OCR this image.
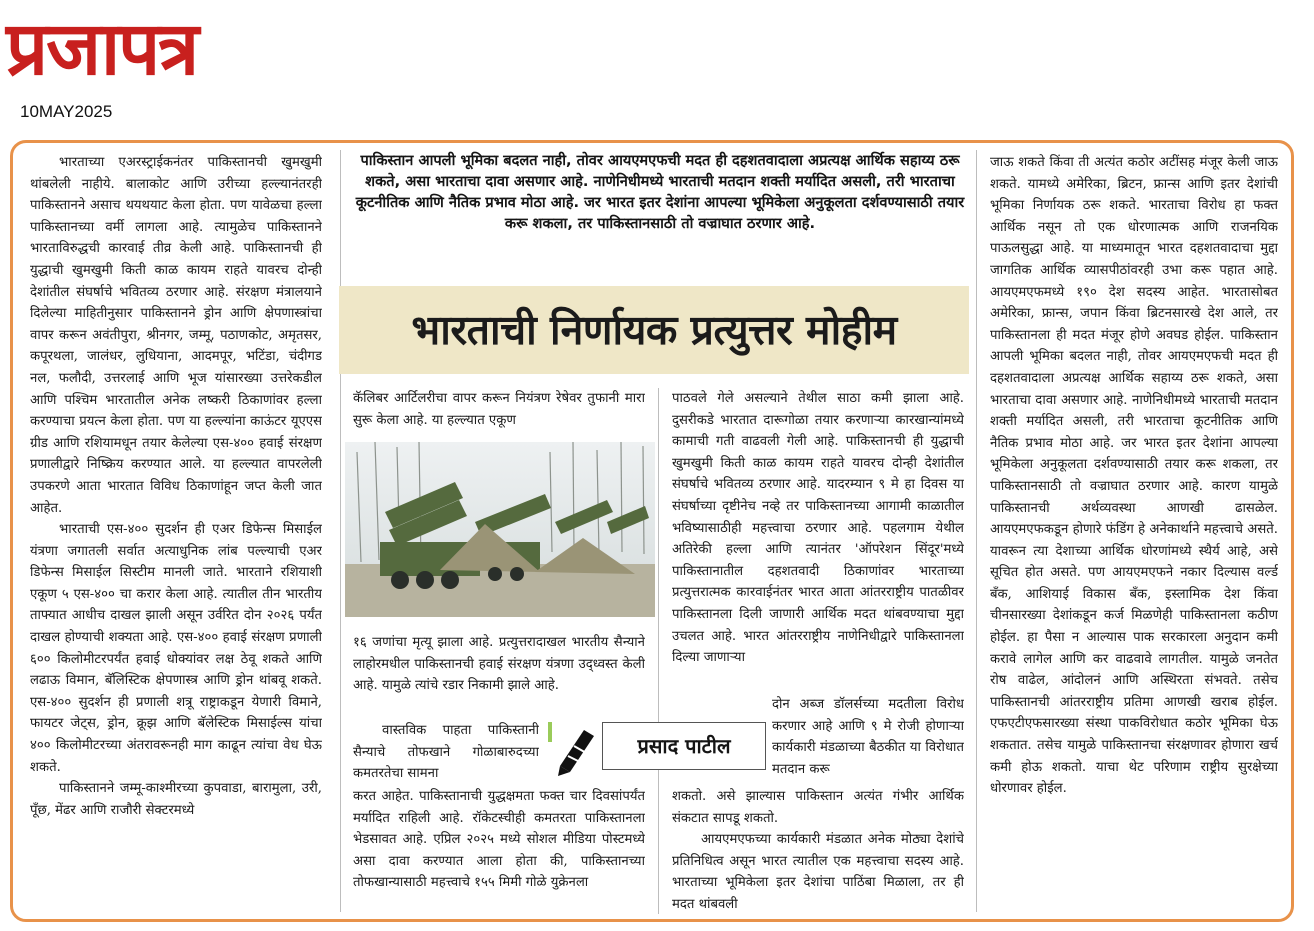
प्रजापत्र
10MAY2025

भारताच्या एअरस्ट्राईकनंतर पाकिस्तानची खुमखुमी थांबलेली नाहीये. बालाकोट आणि उरीच्या हल्ल्यानंतरही पाकिस्तानने असाच थयथयाट केला होता. पण यावेळचा हल्ला पाकिस्तानच्या वर्मी लागला आहे. त्यामुळेच पाकिस्तानने भारताविरुद्धची कारवाई तीव्र केली आहे. पाकिस्तानची ही युद्धाची खुमखुमी किती काळ कायम राहते यावरच दोन्ही देशांतील संघर्षाचे भवितव्य ठरणार आहे. संरक्षण मंत्रालयाने दिलेल्या माहितीनुसार पाकिस्तानने ड्रोन आणि क्षेपणास्त्रांचा वापर करून अवंतीपुरा, श्रीनगर, जम्मू, पठाणकोट, अमृतसर, कपूरथला, जालंधर, लुधियाना, आदमपूर, भटिंडा, चंदीगड नल, फलौदी, उत्तरलाई आणि भूज यांसारख्या उत्तरेकडील आणि पश्चिम भारतातील अनेक लष्करी ठिकाणांवर हल्ला करण्याचा प्रयत्न केला होता. पण या हल्ल्यांना काऊंटर यूएएस ग्रीड आणि रशियामधून तयार केलेल्या एस-४०० हवाई संरक्षण प्रणालीद्वारे निष्क्रिय करण्यात आले. या हल्ल्यात वापरलेली उपकरणे आता भारतात विविध ठिकाणांहून जप्त केली जात आहेत.

भारताची एस-४०० सुदर्शन ही एअर डिफेन्स मिसाईल यंत्रणा जगातली सर्वात अत्याधुनिक लांब पल्ल्याची एअर डिफेन्स मिसाईल सिस्टीम मानली जाते. भारताने रशियाशी एकूण ५ एस-४०० चा करार केला आहे. त्यातील तीन भारतीय ताफ्यात आधीच दाखल झाली असून उर्वरित दोन २०२६ पर्यंत दाखल होण्याची शक्यता आहे. एस-४०० हवाई संरक्षण प्रणाली ६०० किलोमीटरपर्यंत हवाई धोक्यांवर लक्ष ठेवू शकते आणि लढाऊ विमान, बॅलिस्टिक क्षेपणास्त्र आणि ड्रोन थांबवू शकते. एस-४०० सुदर्शन ही प्रणाली शत्रू राष्ट्राकडून येणारी विमाने, फायटर जेट्स, ड्रोन, क्रूझ आणि बॅलेस्टिक मिसाईल्स यांचा ४०० किलोमीटरच्या अंतरावरूनही माग काढून त्यांचा वेध घेऊ शकते.

पाकिस्तानने जम्मू-काश्मीरच्या कुपवाडा, बारामुला, उरी, पूँछ, मेंढर आणि राजौरी सेक्टरमध्ये

पाकिस्तान आपली भूमिका बदलत नाही, तोवर आयएमएफची मदत ही दहशतवादाला अप्रत्यक्ष आर्थिक सहाय्य ठरू शकते, असा भारताचा दावा असणार आहे. नाणेनिधीमध्ये भारताची मतदान शक्ती मर्यादित असली, तरी भारताचा कूटनीतिक आणि नैतिक प्रभाव मोठा आहे. जर भारत इतर देशांना आपल्या भूमिकेला अनुकूलता दर्शवण्यासाठी तयार करू शकला, तर पाकिस्तानसाठी तो वज्राघात ठरणार आहे.
भारताची निर्णायक प्रत्युत्तर मोहीम

कॅलिबर आर्टिलरीचा वापर करून नियंत्रण रेषेवर तुफानी मारा सुरू केला आहे. या हल्ल्यात एकूण

१६ जणांचा मृत्यू झाला आहे. प्रत्युत्तरादाखल भारतीय सैन्याने लाहोरमधील पाकिस्तानची हवाई संरक्षण यंत्रणा उद्ध्वस्त केली आहे. यामुळे त्यांचे रडार निकामी झाले आहे.

वास्तविक पाहता पाकिस्तानी सैन्याचे तोफखाने गोळाबारुदच्या कमतरतेचा सामना

करत आहेत. पाकिस्तानाची युद्धक्षमता फक्त चार दिवसांपर्यंत मर्यादित राहिली आहे. रॉकेटस्चीही कमतरता पाकिस्तानला भेडसावत आहे. एप्रिल २०२५ मध्ये सोशल मीडिया पोस्टमध्ये असा दावा करण्यात आला होता की, पाकिस्तानच्या तोफखान्यासाठी महत्त्वाचे १५५ मिमी गोळे युक्रेनला

पाठवले गेले असल्याने तेथील साठा कमी झाला आहे. दुसरीकडे भारतात दारूगोळा तयार करणार्‍या कारखान्यांमध्ये कामाची गती वाढवली गेली आहे. पाकिस्तानची ही युद्धाची खुमखुमी किती काळ कायम राहते यावरच दोन्ही देशांतील संघर्षाचे भवितव्य ठरणार आहे. यादरम्यान ९ मे हा दिवस या संघर्षाच्या दृष्टीनेच नव्हे तर पाकिस्तानच्या आगामी काळातील भविष्यासाठीही महत्त्वाचा ठरणार आहे. पहलगाम येथील अतिरेकी हल्ला आणि त्यानंतर 'ऑपरेशन सिंदूर'मध्ये पाकिस्तानातील दहशतवादी ठिकाणांवर भारताच्या प्रत्युत्तरात्मक कारवाईनंतर भारत आता आंतरराष्ट्रीय पातळीवर पाकिस्तानला दिली जाणारी आर्थिक मदत थांबवण्याचा मुद्दा उचलत आहे. भारत आंतरराष्ट्रीय नाणेनिधीद्वारे पाकिस्तानला दिल्या जाणार्‍या

दोन अब्ज डॉलर्सच्या मदतीला विरोध करणार आहे आणि ९ मे रोजी होणार्‍या कार्यकारी मंडळाच्या बैठकीत या विरोधात मतदान करू

शकतो. असे झाल्यास पाकिस्तान अत्यंत गंभीर आर्थिक संकटात सापडू शकतो.

आयएमएफच्या कार्यकारी मंडळात अनेक मोठ्या देशांचे प्रतिनिधित्व असून भारत त्यातील एक महत्त्वाचा सदस्य आहे. भारताच्या भूमिकेला इतर देशांचा पाठिंबा मिळाला, तर ही मदत थांबवली

प्रसाद पाटील

जाऊ शकते किंवा ती अत्यंत कठोर अटींसह मंजूर केली जाऊ शकते. यामध्ये अमेरिका, ब्रिटन, फ्रान्स आणि इतर देशांची भूमिका निर्णायक ठरू शकते. भारताचा विरोध हा फक्त आर्थिक नसून तो एक धोरणात्मक आणि राजनयिक पाऊलसुद्धा आहे. या माध्यमातून भारत दहशतवादाचा मुद्दा जागतिक आर्थिक व्यासपीठांवरही उभा करू पहात आहे. आयएमएफमध्ये १९० देश सदस्य आहेत. भारतासोबत अमेरिका, फ्रान्स, जपान किंवा ब्रिटनसारखे देश आले, तर पाकिस्तानला ही मदत मंजूर होणे अवघड होईल. पाकिस्तान आपली भूमिका बदलत नाही, तोवर आयएमएफची मदत ही दहशतवादाला अप्रत्यक्ष आर्थिक सहाय्य ठरू शकते, असा भारताचा दावा असणार आहे. नाणेनिधीमध्ये भारताची मतदान शक्ती मर्यादित असली, तरी भारताचा कूटनीतिक आणि नैतिक प्रभाव मोठा आहे. जर भारत इतर देशांना आपल्या भूमिकेला अनुकूलता दर्शवण्यासाठी तयार करू शकला, तर पाकिस्तानसाठी तो वज्राघात ठरणार आहे. कारण यामुळे पाकिस्तानची अर्थव्यवस्था आणखी ढासळेल. आयएमएफकडून होणारे फंडिंग हे अनेकार्थाने महत्त्वाचे असते. यावरून त्या देशाच्या आर्थिक धोरणांमध्ये स्थैर्य आहे, असे सूचित होत असते. पण आयएमएफने नकार दिल्यास वर्ल्ड बँक, आशियाई विकास बँक, इस्लामिक देश किंवा चीनसारख्या देशांकडून कर्ज मिळणेही पाकिस्तानला कठीण होईल. हा पैसा न आल्यास पाक सरकारला अनुदान कमी करावे लागेल आणि कर वाढवावे लागतील. यामुळे जनतेत रोष वाढेल, आंदोलनं आणि अस्थिरता संभवते. तसेच पाकिस्तानची आंतरराष्ट्रीय प्रतिमा आणखी खराब होईल. एफएटीएफसारख्या संस्था पाकविरोधात कठोर भूमिका घेऊ शकतात. तसेच यामुळे पाकिस्तानचा संरक्षणावर होणारा खर्च कमी होऊ शकतो. याचा थेट परिणाम राष्ट्रीय सुरक्षेच्या धोरणावर होईल.
